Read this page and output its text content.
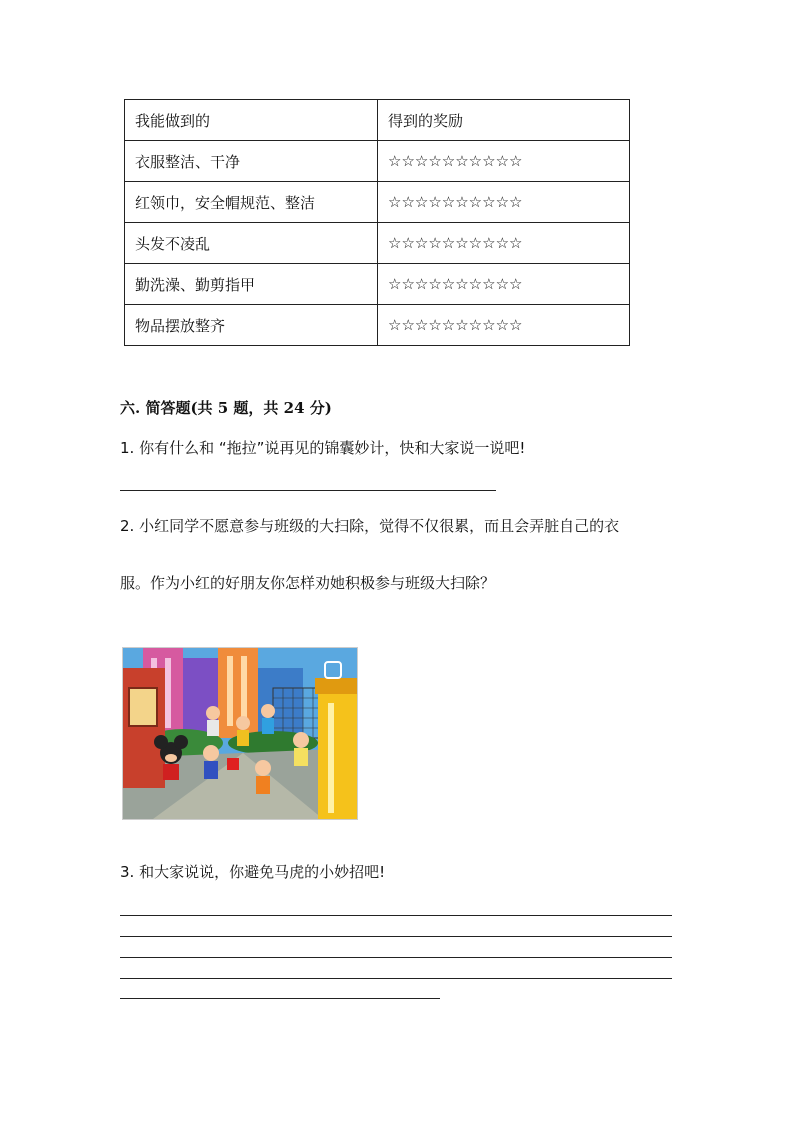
我能做到的	得到的奖励
衣服整洁、干净	☆☆☆☆☆☆☆☆☆☆
红领巾，安全帽规范、整洁	☆☆☆☆☆☆☆☆☆☆
头发不凌乱	☆☆☆☆☆☆☆☆☆☆
勤洗澡、勤剪指甲	☆☆☆☆☆☆☆☆☆☆
物品摆放整齐	☆☆☆☆☆☆☆☆☆☆
六. 简答题(共 5 题，共 24 分)
1. 你有什么和 “拖拉”说再见的锦囊妙计，快和大家说一说吧!
2. 小红同学不愿意参与班级的大扫除，觉得不仅很累，而且会弄脏自己的衣
服。作为小红的好朋友你怎样劝她积极参与班级大扫除？
3. 和大家说说，你避免马虎的小妙招吧!
